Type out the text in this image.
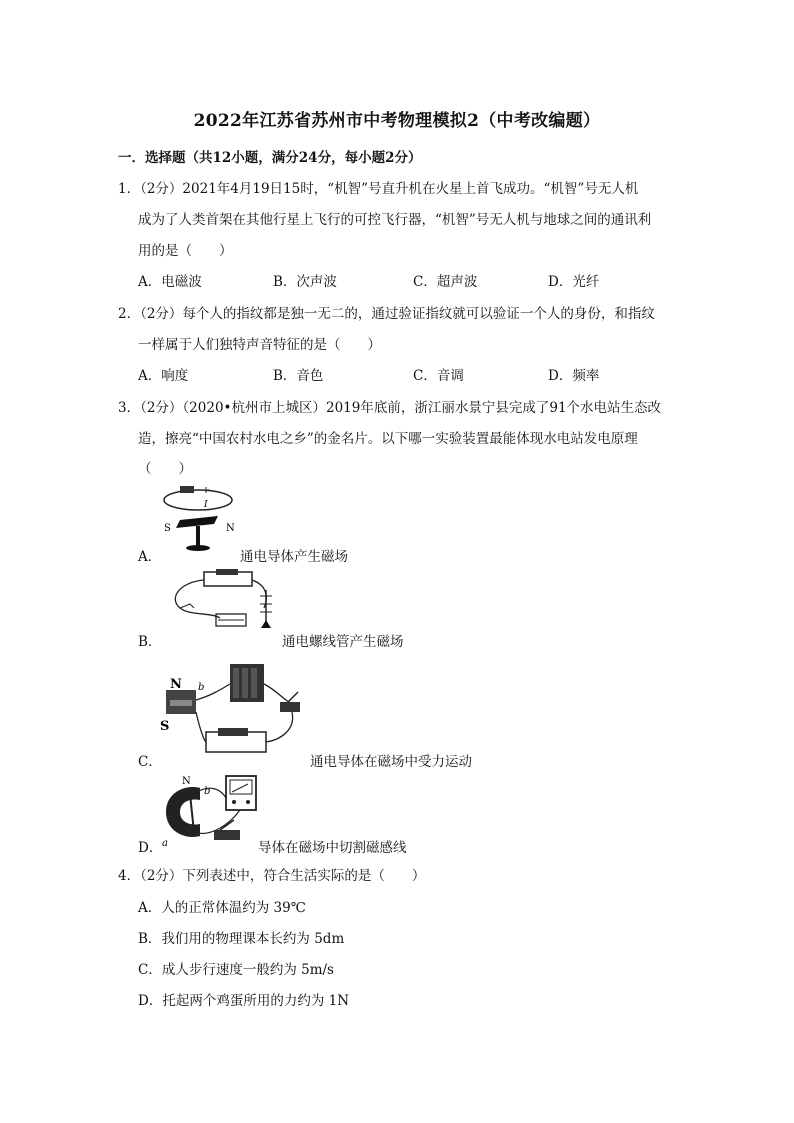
2022年江苏省苏州市中考物理模拟2（中考改编题）
一．选择题（共12小题，满分24分，每小题2分）
1．（2分）2021年4月19日15时，“机智”号直升机在火星上首飞成功。“机智”号无人机
成为了人类首架在其他行星上飞行的可控飞行器，“机智”号无人机与地球之间的通讯利
用的是（　　）
A．电磁波	B．次声波	C．超声波	D．光纤
2．（2分）每个人的指纹都是独一无二的，通过验证指纹就可以验证一个人的身份，和指纹
一样属于人们独特声音特征的是（　　）
A．响度	B．音色	C．音调	D．频率
3．（2分）（2020•杭州市上城区）2019年底前，浙江丽水景宁县完成了91个水电站生态改
造，擦亮“中国农村水电之乡”的金名片。以下哪一实验装置最能体现水电站发电原理
（　　）
A．
I
S	N
通电导体产生磁场
B．	通电螺线管产生磁场
C．
N
S
b
通电导体在磁场中受力运动
D．
N
b
a	导体在磁场中切割磁感线
4．（2分）下列表述中，符合生活实际的是（　　）
A．人的正常体温约为 39℃
B．我们用的物理课本长约为 5dm
C．成人步行速度一般约为 5m/s
D．托起两个鸡蛋所用的力约为 1N
